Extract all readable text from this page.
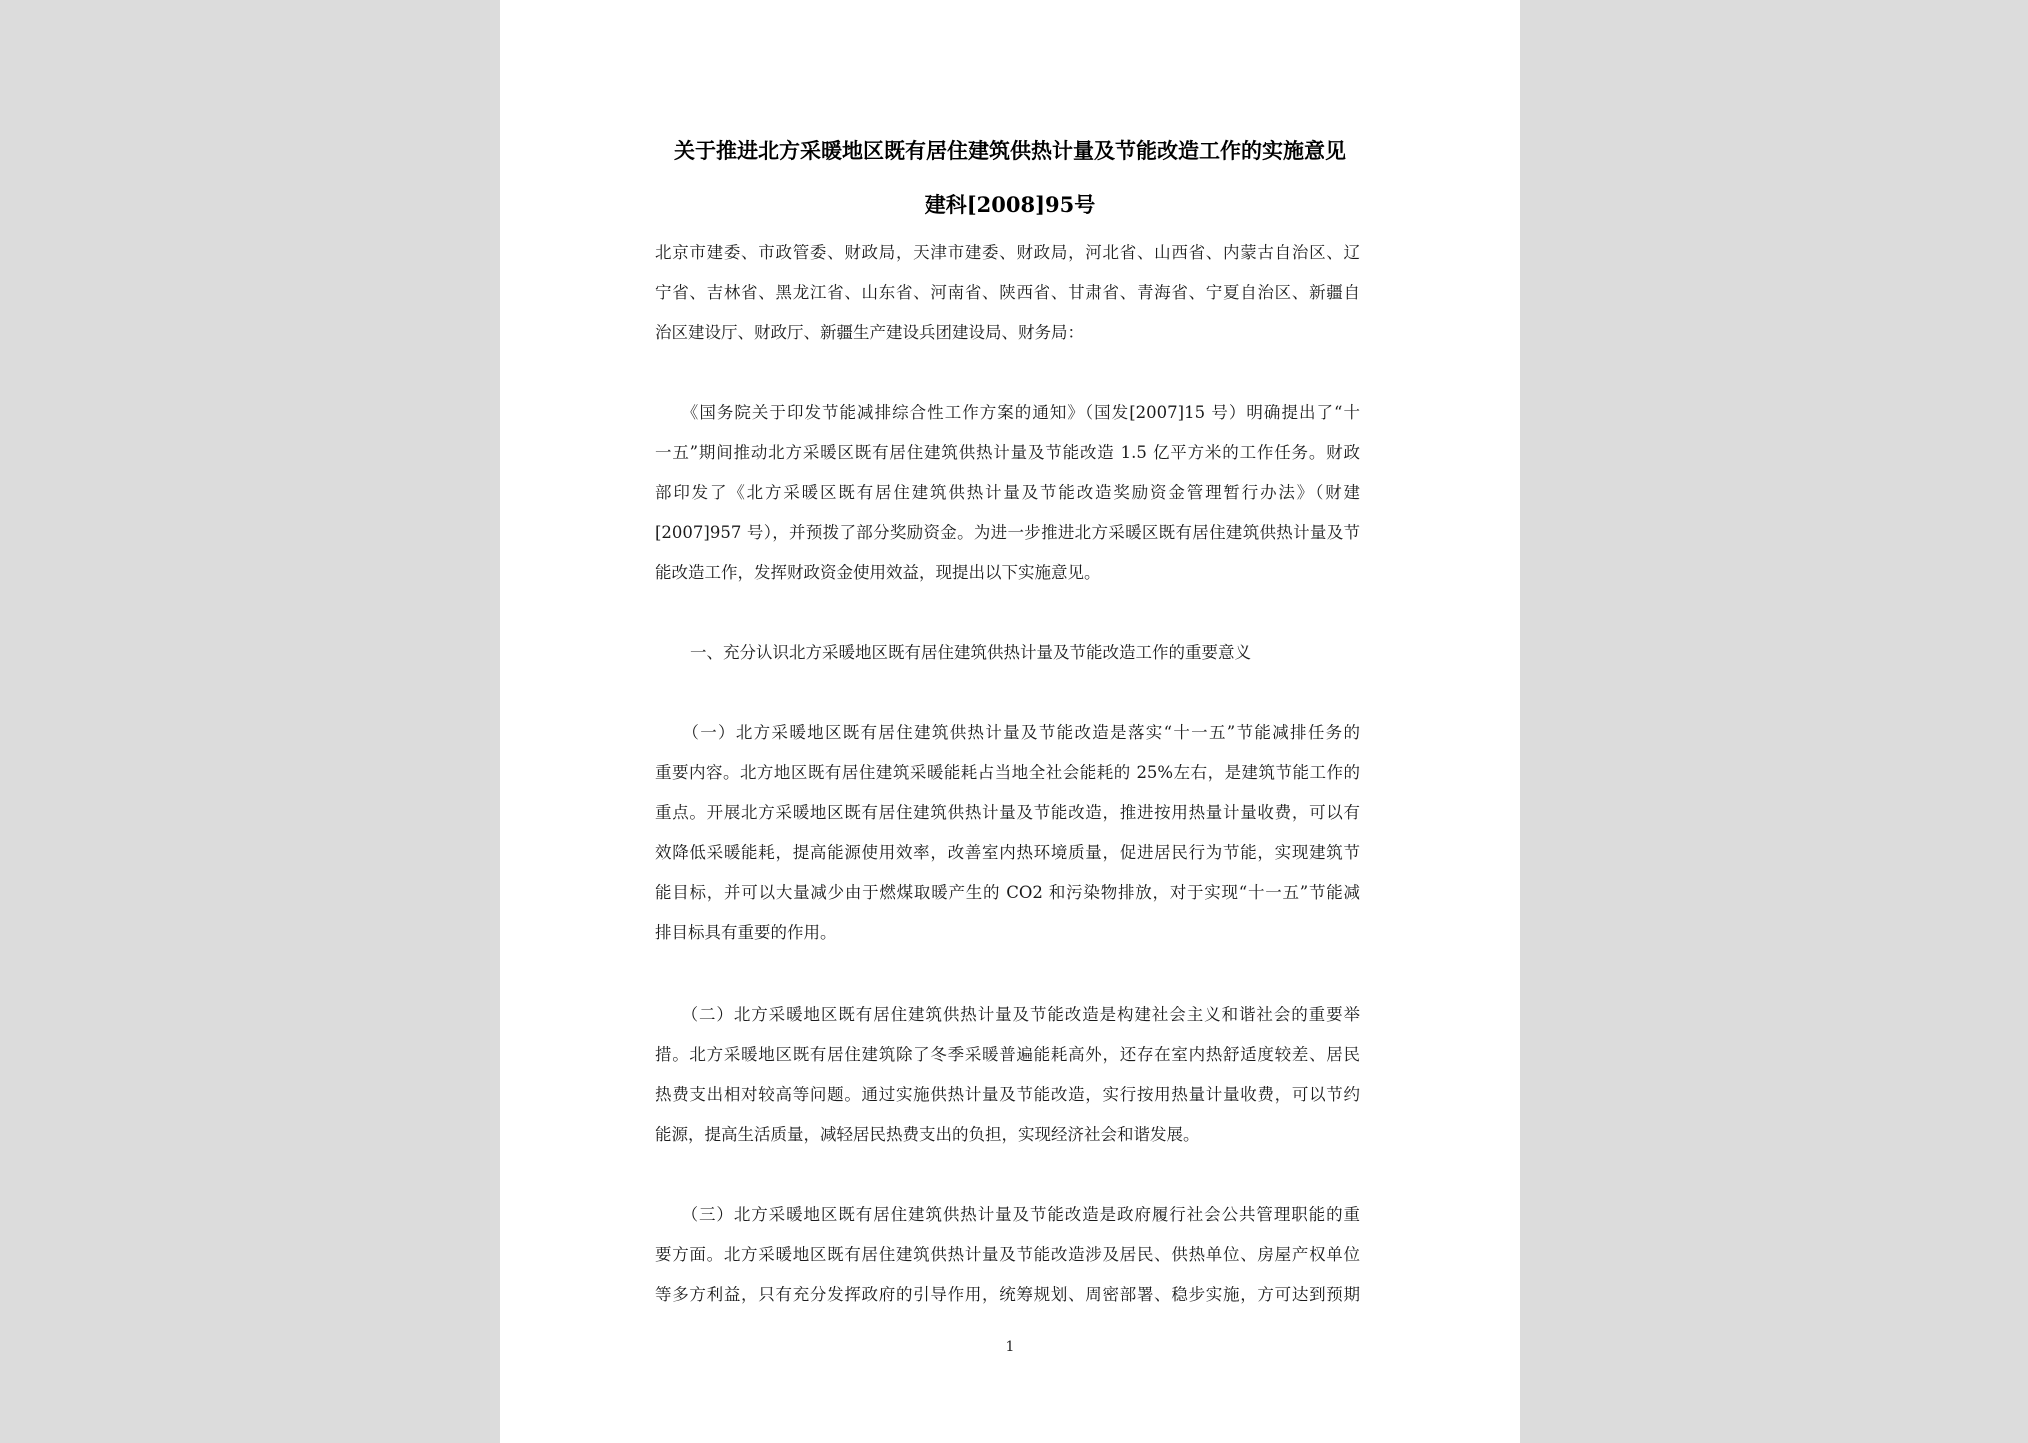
关于推进北方采暖地区既有居住建筑供热计量及节能改造工作的实施意见
建科[2008]95号
北京市建委、市政管委、财政局，天津市建委、财政局，河北省、山西省、内蒙古自治区、辽
宁省、吉林省、黑龙江省、山东省、河南省、陕西省、甘肃省、青海省、宁夏自治区、新疆自
治区建设厅、财政厅、新疆生产建设兵团建设局、财务局：
　　《国务院关于印发节能减排综合性工作方案的通知》（国发[2007]15 号）明确提出了“十
一五”期间推动北方采暖区既有居住建筑供热计量及节能改造 1.5 亿平方米的工作任务。财政
部印发了《北方采暖区既有居住建筑供热计量及节能改造奖励资金管理暂行办法》（财建
[2007]957 号），并预拨了部分奖励资金。为进一步推进北方采暖区既有居住建筑供热计量及节
能改造工作，发挥财政资金使用效益，现提出以下实施意见。
一、充分认识北方采暖地区既有居住建筑供热计量及节能改造工作的重要意义
　　（一）北方采暖地区既有居住建筑供热计量及节能改造是落实“十一五”节能减排任务的
重要内容。北方地区既有居住建筑采暖能耗占当地全社会能耗的 25%左右，是建筑节能工作的
重点。开展北方采暖地区既有居住建筑供热计量及节能改造，推进按用热量计量收费，可以有
效降低采暖能耗，提高能源使用效率，改善室内热环境质量，促进居民行为节能，实现建筑节
能目标，并可以大量减少由于燃煤取暖产生的 CO2 和污染物排放，对于实现“十一五”节能减
排目标具有重要的作用。
　　（二）北方采暖地区既有居住建筑供热计量及节能改造是构建社会主义和谐社会的重要举
措。北方采暖地区既有居住建筑除了冬季采暖普遍能耗高外，还存在室内热舒适度较差、居民
热费支出相对较高等问题。通过实施供热计量及节能改造，实行按用热量计量收费，可以节约
能源，提高生活质量，减轻居民热费支出的负担，实现经济社会和谐发展。
　　（三）北方采暖地区既有居住建筑供热计量及节能改造是政府履行社会公共管理职能的重
要方面。北方采暖地区既有居住建筑供热计量及节能改造涉及居民、供热单位、房屋产权单位
等多方利益，只有充分发挥政府的引导作用，统筹规划、周密部署、稳步实施，方可达到预期
1
